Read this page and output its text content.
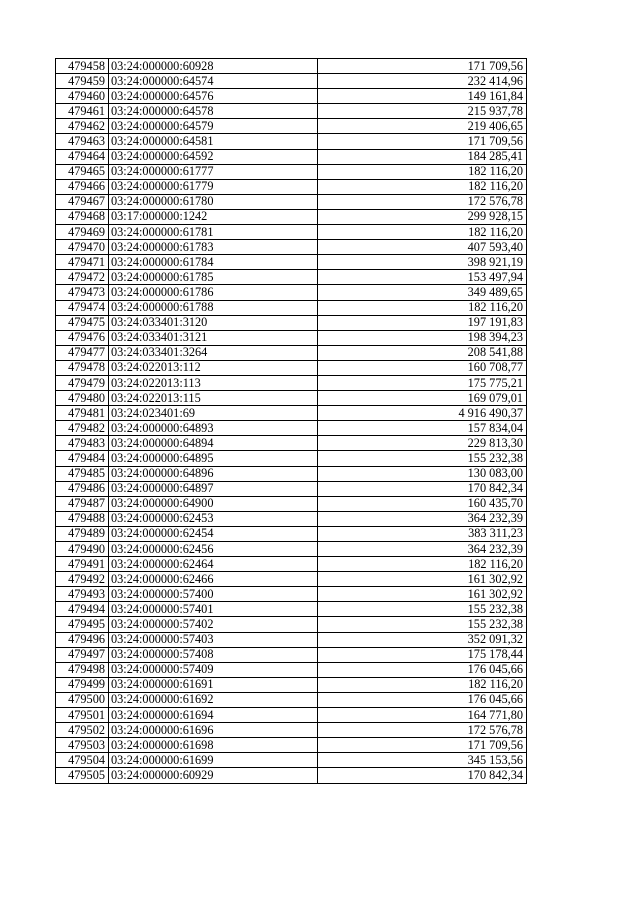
479458	03:24:000000:60928	171 709,56
479459	03:24:000000:64574	232 414,96
479460	03:24:000000:64576	149 161,84
479461	03:24:000000:64578	215 937,78
479462	03:24:000000:64579	219 406,65
479463	03:24:000000:64581	171 709,56
479464	03:24:000000:64592	184 285,41
479465	03:24:000000:61777	182 116,20
479466	03:24:000000:61779	182 116,20
479467	03:24:000000:61780	172 576,78
479468	03:17:000000:1242	299 928,15
479469	03:24:000000:61781	182 116,20
479470	03:24:000000:61783	407 593,40
479471	03:24:000000:61784	398 921,19
479472	03:24:000000:61785	153 497,94
479473	03:24:000000:61786	349 489,65
479474	03:24:000000:61788	182 116,20
479475	03:24:033401:3120	197 191,83
479476	03:24:033401:3121	198 394,23
479477	03:24:033401:3264	208 541,88
479478	03:24:022013:112	160 708,77
479479	03:24:022013:113	175 775,21
479480	03:24:022013:115	169 079,01
479481	03:24:023401:69	4 916 490,37
479482	03:24:000000:64893	157 834,04
479483	03:24:000000:64894	229 813,30
479484	03:24:000000:64895	155 232,38
479485	03:24:000000:64896	130 083,00
479486	03:24:000000:64897	170 842,34
479487	03:24:000000:64900	160 435,70
479488	03:24:000000:62453	364 232,39
479489	03:24:000000:62454	383 311,23
479490	03:24:000000:62456	364 232,39
479491	03:24:000000:62464	182 116,20
479492	03:24:000000:62466	161 302,92
479493	03:24:000000:57400	161 302,92
479494	03:24:000000:57401	155 232,38
479495	03:24:000000:57402	155 232,38
479496	03:24:000000:57403	352 091,32
479497	03:24:000000:57408	175 178,44
479498	03:24:000000:57409	176 045,66
479499	03:24:000000:61691	182 116,20
479500	03:24:000000:61692	176 045,66
479501	03:24:000000:61694	164 771,80
479502	03:24:000000:61696	172 576,78
479503	03:24:000000:61698	171 709,56
479504	03:24:000000:61699	345 153,56
479505	03:24:000000:60929	170 842,34
